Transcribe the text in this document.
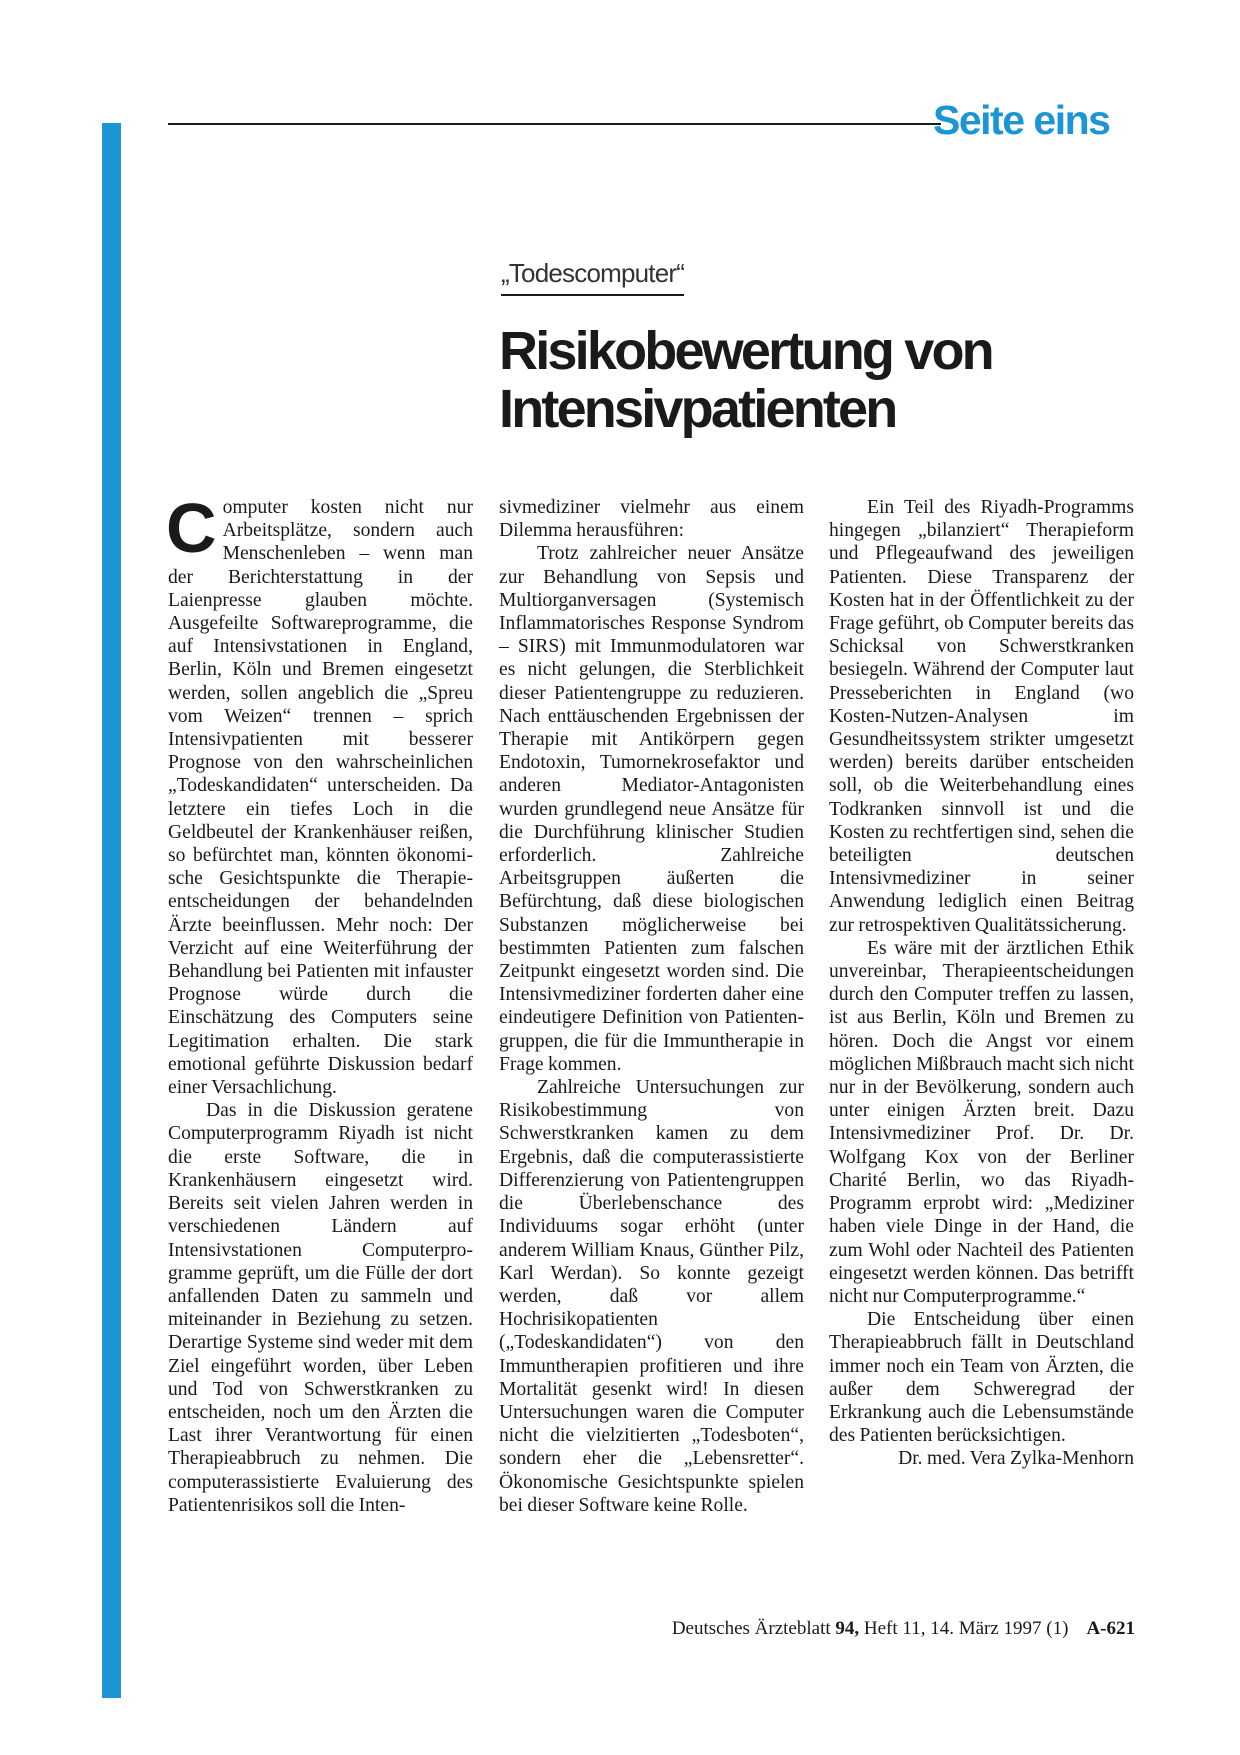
Seite eins
„Todescomputer“
Risikobewertung von
Intensivpatienten

Computer kosten nicht nur Arbeitsplätze, sondern auch Menschenleben – wenn man der Berichterstattung in der Laienpresse glauben möchte. Ausgefeilte Softwareprogramme, die auf Intensivstationen in England, Berlin, Köln und Bremen eingesetzt werden, sollen angeblich die „Spreu vom Weizen“ trennen – sprich Intensivpatienten mit besserer Prognose von den wahrscheinlichen „Todeskandidaten“ unterscheiden. Da letztere ein tiefes Loch in die Geldbeutel der Krankenhäuser reißen, so befürchtet man, könnten ökonomische Gesichtspunkte die Therapieentscheidungen der behandelnden Ärzte beeinflussen. Mehr noch: Der Verzicht auf eine Weiterführung der Behandlung bei Patienten mit infauster Prognose würde durch die Einschätzung des Computers seine Legitimation erhalten. Die stark emotional geführte Diskussion bedarf einer Versachlichung.

Das in die Diskussion geratene Computerprogramm Riyadh ist nicht die erste Software, die in Krankenhäusern eingesetzt wird. Bereits seit vielen Jahren werden in verschiedenen Ländern auf Intensivstationen Computerprogramme geprüft, um die Fülle der dort anfallenden Daten zu sammeln und miteinander in Beziehung zu setzen. Derartige Systeme sind weder mit dem Ziel eingeführt worden, über Leben und Tod von Schwerstkranken zu entscheiden, noch um den Ärzten die Last ihrer Verantwortung für einen Therapieabbruch zu nehmen. Die computerassistierte Evaluierung des Patientenrisikos soll die Inten-

sivmediziner vielmehr aus einem Dilemma herausführen:

Trotz zahlreicher neuer Ansätze zur Behandlung von Sepsis und Multiorganversagen (Systemisch Inflammatorisches Response Syndrom – SIRS) mit Immunmodulatoren war es nicht gelungen, die Sterblichkeit dieser Patientengruppe zu reduzieren. Nach enttäuschenden Ergebnissen der Therapie mit Antikörpern gegen Endotoxin, Tumornekrosefaktor und anderen Mediator-Antagonisten wurden grundlegend neue Ansätze für die Durchführung klinischer Studien erforderlich. Zahlreiche Arbeitsgruppen äußerten die Befürchtung, daß diese biologischen Substanzen möglicherweise bei bestimmten Patienten zum falschen Zeitpunkt eingesetzt worden sind. Die Intensivmediziner forderten daher eine eindeutigere Definition von Patientengruppen, die für die Immuntherapie in Frage kommen.

Zahlreiche Untersuchungen zur Risikobestimmung von Schwerstkranken kamen zu dem Ergebnis, daß die computerassistierte Differenzierung von Patientengruppen die Überlebenschance des Individuums sogar erhöht (unter anderem William Knaus, Günther Pilz, Karl Werdan). So konnte gezeigt werden, daß vor allem Hochrisikopatienten („Todeskandidaten“) von den Immuntherapien profitieren und ihre Mortalität gesenkt wird! In diesen Untersuchungen waren die Computer nicht die vielzitierten „Todesboten“, sondern eher die „Lebensretter“. Ökonomische Gesichtspunkte spielen bei dieser Software keine Rolle.

Ein Teil des Riyadh-Programms hingegen „bilanziert“ Therapieform und Pflegeaufwand des jeweiligen Patienten. Diese Transparenz der Kosten hat in der Öffentlichkeit zu der Frage geführt, ob Computer bereits das Schicksal von Schwerstkranken besiegeln. Während der Computer laut Presseberichten in England (wo Kosten-Nutzen-Analysen im Gesundheitssystem strikter umgesetzt werden) bereits darüber entscheiden soll, ob die Weiterbehandlung eines Todkranken sinnvoll ist und die Kosten zu rechtfertigen sind, sehen die beteiligten deutschen Intensivmediziner in seiner Anwendung lediglich einen Beitrag zur retrospektiven Qualitätssicherung.

Es wäre mit der ärztlichen Ethik unvereinbar, Therapieentscheidungen durch den Computer treffen zu lassen, ist aus Berlin, Köln und Bremen zu hören. Doch die Angst vor einem möglichen Mißbrauch macht sich nicht nur in der Bevölkerung, sondern auch unter einigen Ärzten breit. Dazu Intensivmediziner Prof. Dr. Dr. Wolfgang Kox von der Berliner Charité Berlin, wo das Riyadh-Programm erprobt wird: „Mediziner haben viele Dinge in der Hand, die zum Wohl oder Nachteil des Patienten eingesetzt werden können. Das betrifft nicht nur Computerprogramme.“

Die Entscheidung über einen Therapieabbruch fällt in Deutschland immer noch ein Team von Ärzten, die außer dem Schweregrad der Erkrankung auch die Lebensumstände des Patienten berücksichtigen.

Dr. med. Vera Zylka-Menhorn

Deutsches Ärzteblatt 94, Heft 11, 14. März 1997 (1) A-621
